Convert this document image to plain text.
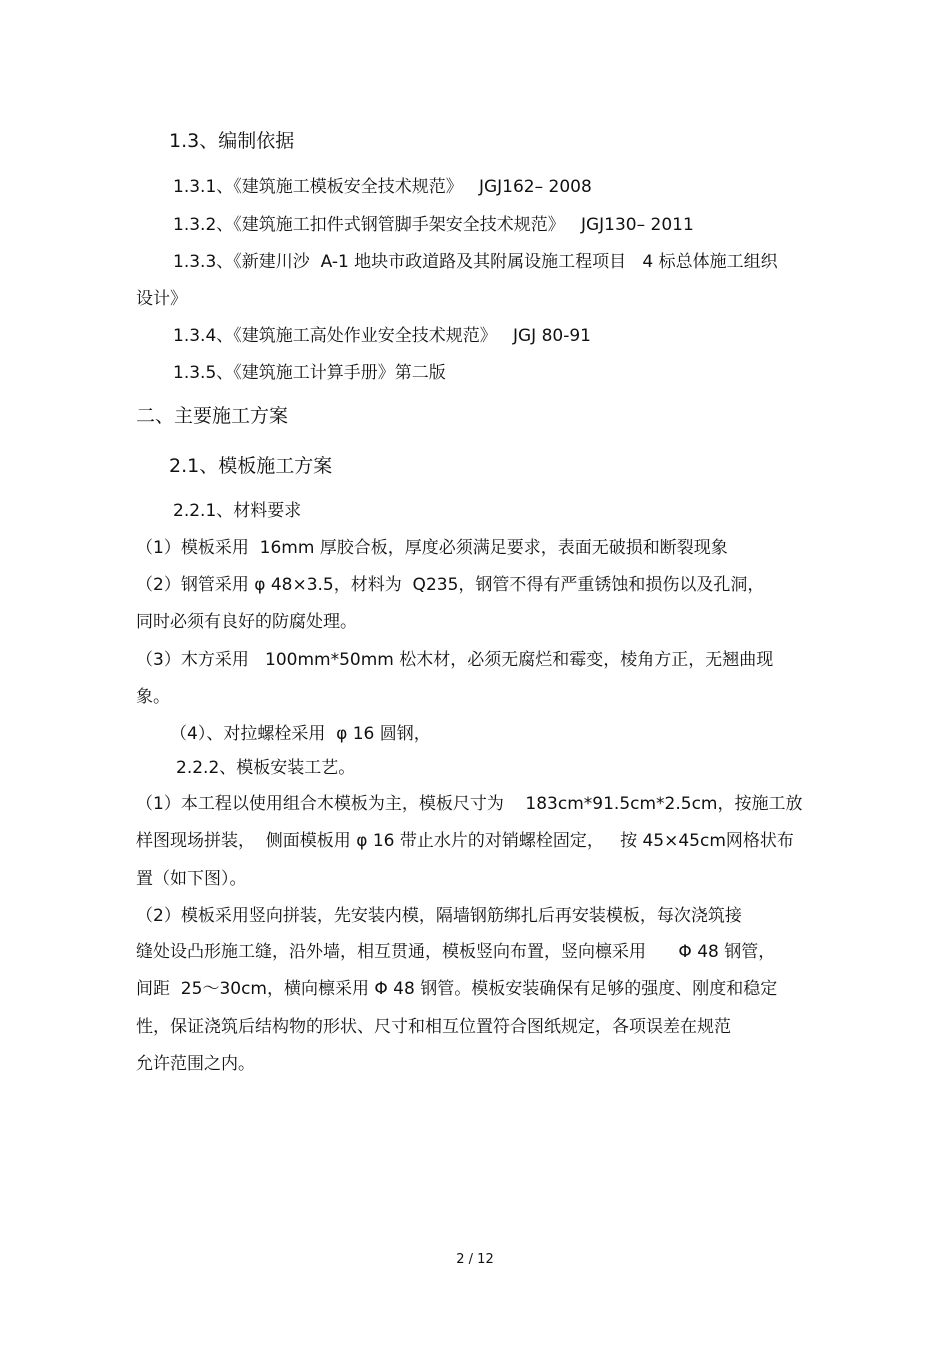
1.3、编制依据
1.3.1、《建筑施工模板安全技术规范》   JGJ162– 2008
1.3.2、《建筑施工扣件式钢管脚手架安全技术规范》   JGJ130– 2011
1.3.3、《新建川沙  A-1 地块市政道路及其附属设施工程项目   4 标总体施工组织
设计》
1.3.4、《建筑施工高处作业安全技术规范》   JGJ 80-91
1.3.5、《建筑施工计算手册》第二版
二、主要施工方案
2.1、模板施工方案
2.2.1、材料要求
（1）模板采用  16mm 厚胶合板，厚度必须满足要求，表面无破损和断裂现象
（2）钢管采用 φ 48×3.5，材料为  Q235，钢管不得有严重锈蚀和损伤以及孔洞，
同时必须有良好的防腐处理。
（3）木方采用   100mm*50mm 松木材，必须无腐烂和霉变，棱角方正，无翘曲现
象。
（4）、对拉螺栓采用  φ 16 圆钢，
2.2.2、模板安装工艺。
（1）本工程以使用组合木模板为主，模板尺寸为    183cm*91.5cm*2.5cm，按施工放
样图现场拼装，  侧面模板用 φ 16 带止水片的对销螺栓固定，   按 45×45cm网格状布
置（如下图）。
（2）模板采用竖向拼装，先安装内模，隔墙钢筋绑扎后再安装模板，每次浇筑接
缝处设凸形施工缝，沿外墙，相互贯通，模板竖向布置，竖向檩采用      Φ 48 钢管，
间距  25～30cm，横向檩采用 Φ 48 钢管。模板安装确保有足够的强度、刚度和稳定
性，保证浇筑后结构物的形状、尺寸和相互位置符合图纸规定，各项误差在规范
允许范围之内。
2 / 12
